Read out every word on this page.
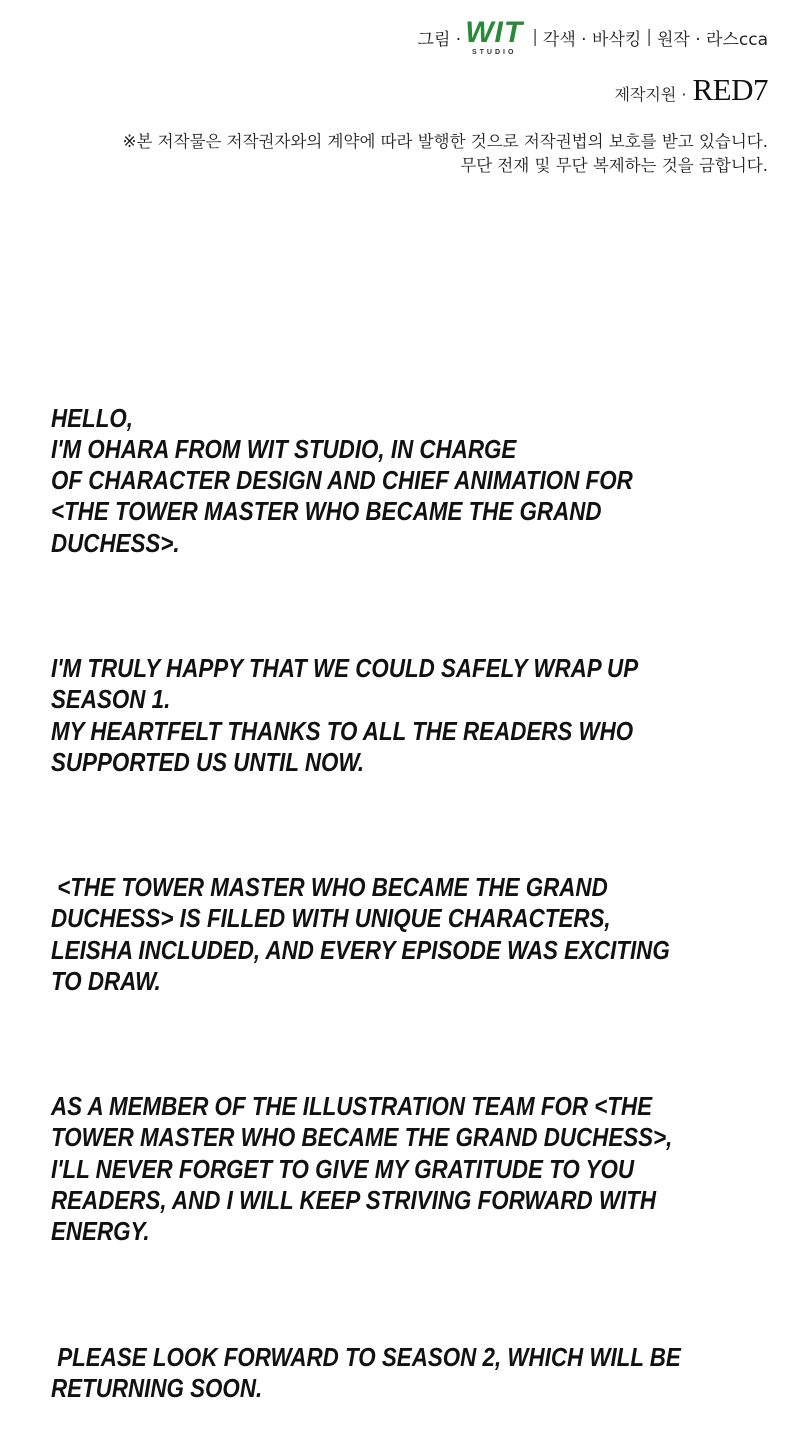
그림 · WIT
STUDIO
| 각색 · 바삭킹 | 원작 · 라스cca
제작지원 · RED7
※본 저작물은 저작권자와의 계약에 따라 발행한 것으로 저작권법의 보호를 받고 있습니다.
무단 전재 및 무단 복제하는 것을 금합니다.

HELLO,
I'M OHARA FROM WIT STUDIO, IN CHARGE
OF CHARACTER DESIGN AND CHIEF ANIMATION FOR
<THE TOWER MASTER WHO BECAME THE GRAND
DUCHESS>.

I'M TRULY HAPPY THAT WE COULD SAFELY WRAP UP
SEASON 1.
MY HEARTFELT THANKS TO ALL THE READERS WHO
SUPPORTED US UNTIL NOW.

<THE TOWER MASTER WHO BECAME THE GRAND
DUCHESS> IS FILLED WITH UNIQUE CHARACTERS,
LEISHA INCLUDED, AND EVERY EPISODE WAS EXCITING
TO DRAW.

AS A MEMBER OF THE ILLUSTRATION TEAM FOR <THE
TOWER MASTER WHO BECAME THE GRAND DUCHESS>,
I'LL NEVER FORGET TO GIVE MY GRATITUDE TO YOU
READERS, AND I WILL KEEP STRIVING FORWARD WITH
ENERGY.

PLEASE LOOK FORWARD TO SEASON 2, WHICH WILL BE
RETURNING SOON.
